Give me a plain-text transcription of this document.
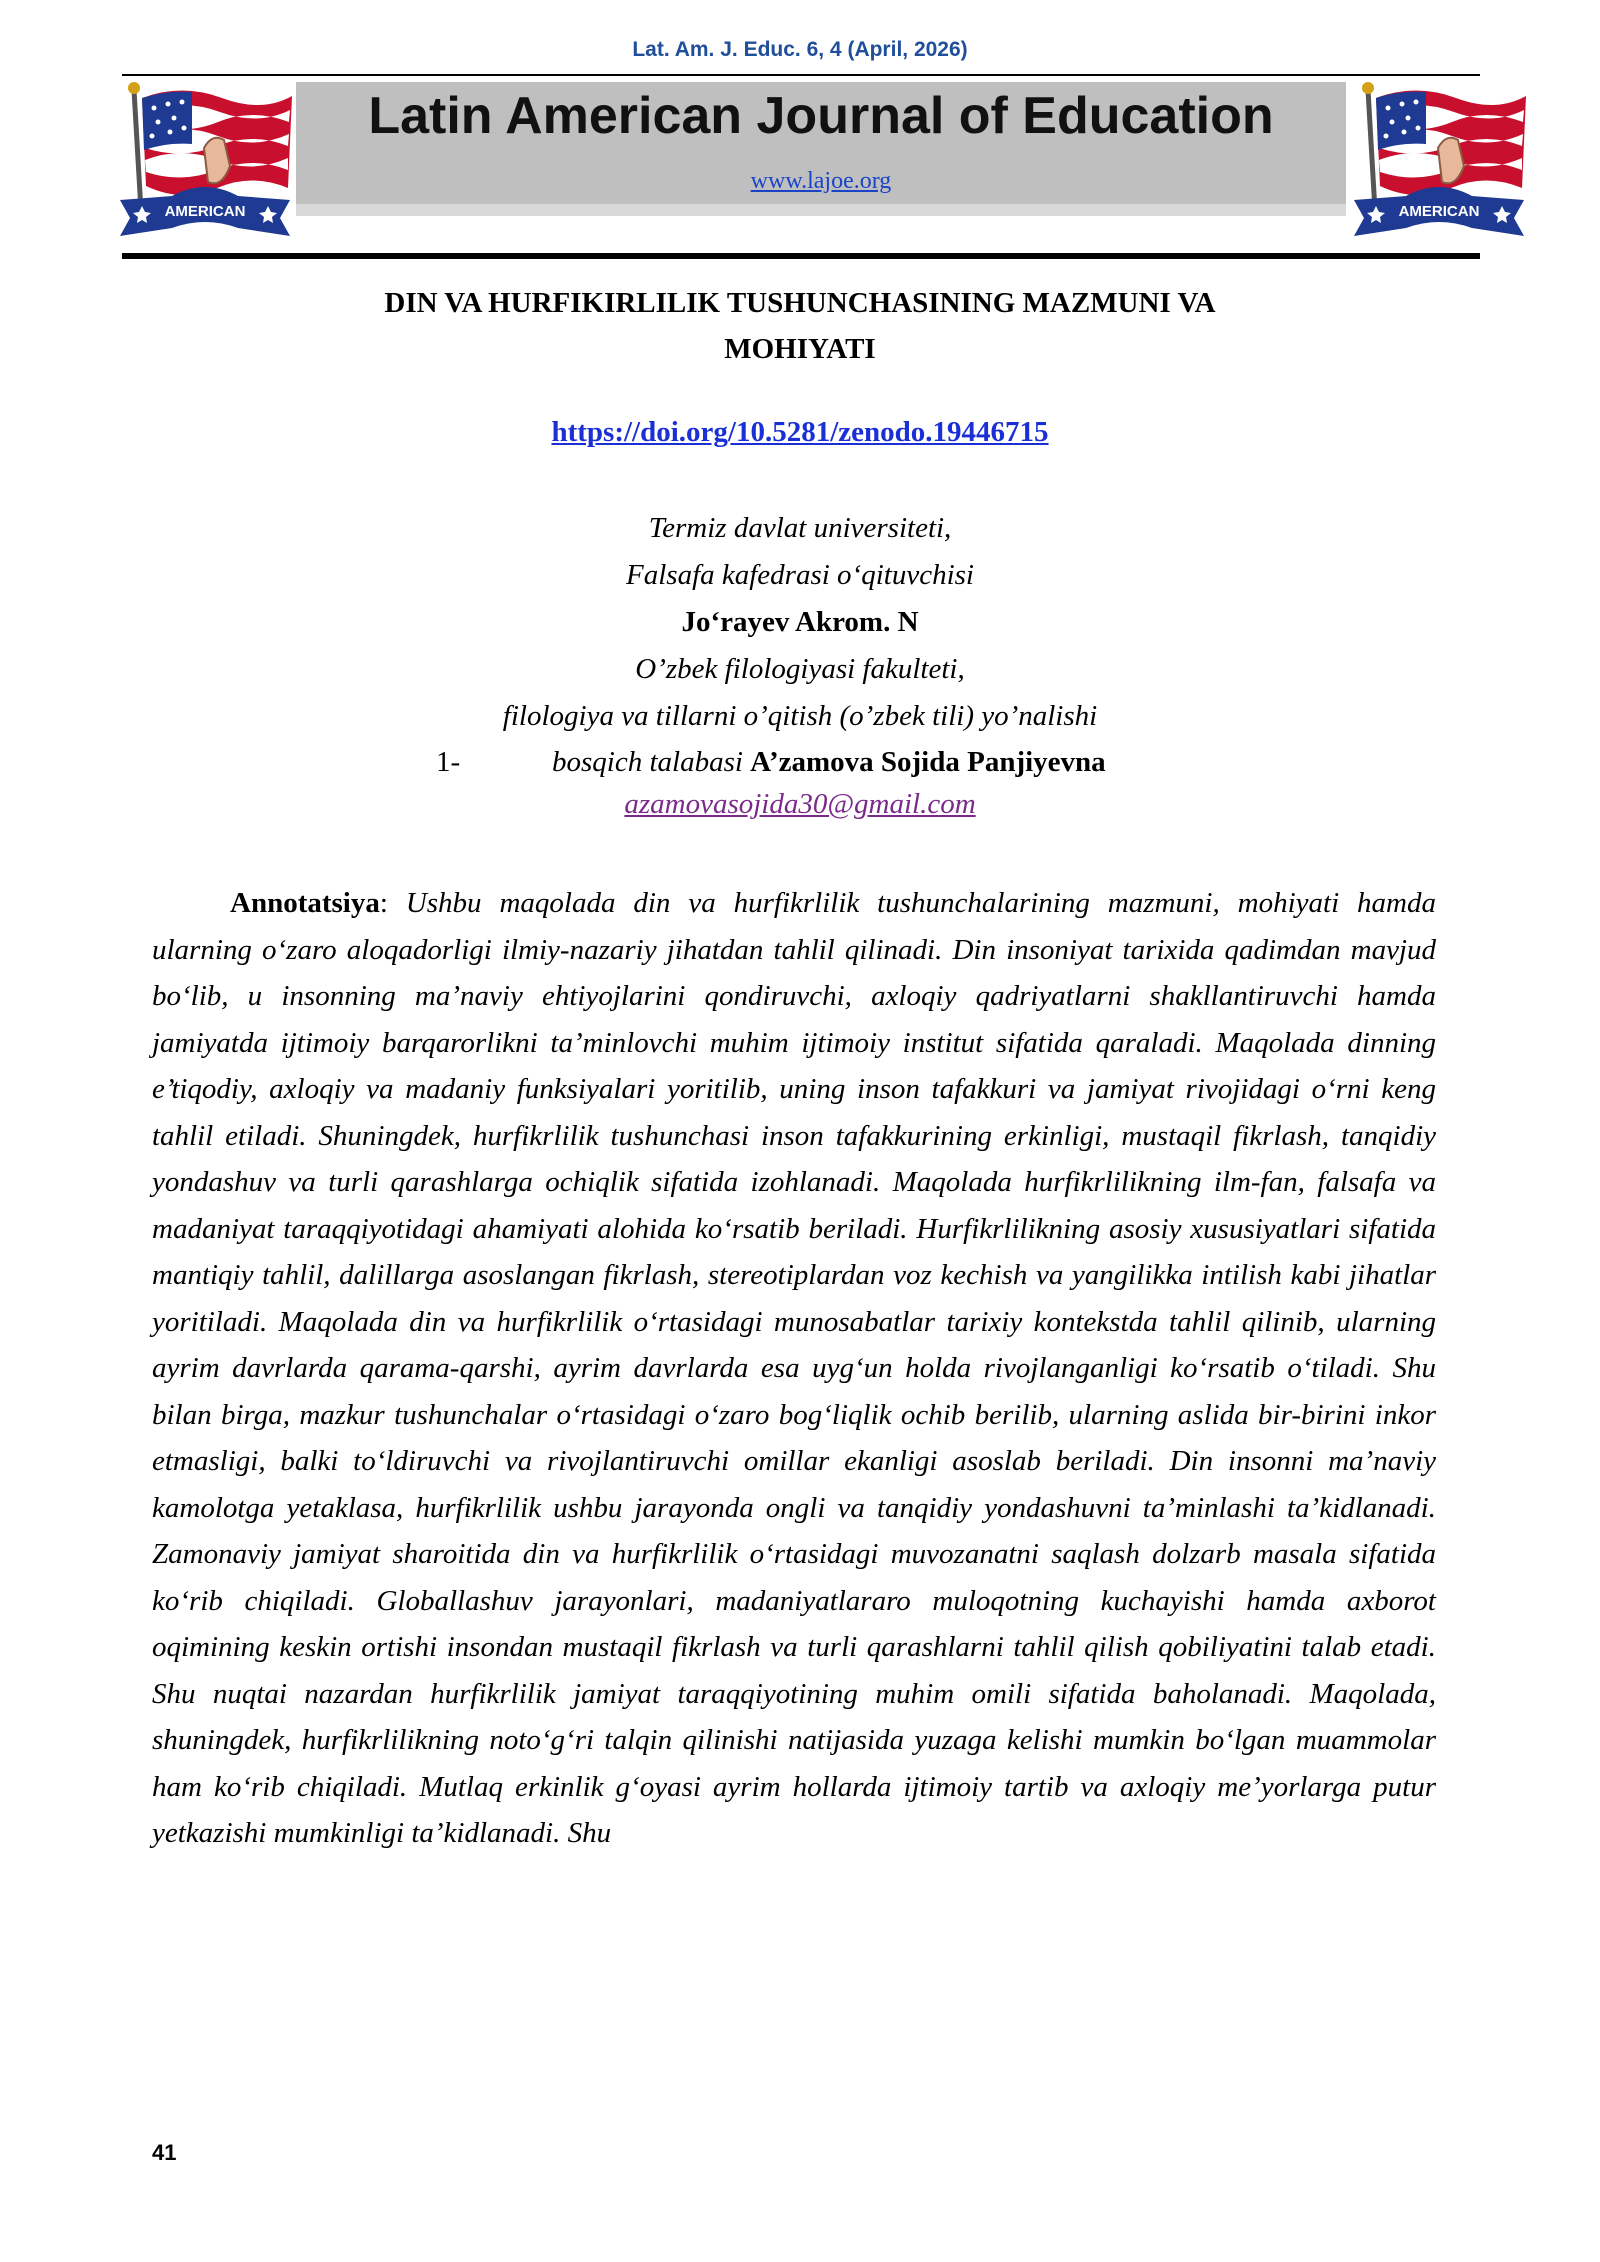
Lat. Am. J. Educ. 6, 4 (April, 2026)
Latin American Journal of Education
www.lajoe.org
AMERICAN	AMERICAN
DIN VA HURFIKIRLILIK TUSHUNCHASINING MAZMUNI VA
MOHIYATI
https://doi.org/10.5281/zenodo.19446715
Termiz davlat universiteti,
Falsafa kafedrasi o‘qituvchisi
Jo‘rayev Akrom. N
O’zbek filologiyasi fakulteti,
filologiya va tillarni o’qitish (o’zbek tili) yo’nalishi
1-	bosqich talabasi A’zamova Sojida Panjiyevna
azamovasojida30@gmail.com
Annotatsiya: Ushbu maqolada din va hurfikrlilik tushunchalarining mazmuni, mohiyati hamda ularning o‘zaro aloqadorligi ilmiy-nazariy jihatdan tahlil qilinadi. Din insoniyat tarixida qadimdan mavjud bo‘lib, u insonning ma’naviy ehtiyojlarini qondiruvchi, axloqiy qadriyatlarni shakllantiruvchi hamda jamiyatda ijtimoiy barqarorlikni ta’minlovchi muhim ijtimoiy institut sifatida qaraladi. Maqolada dinning e’tiqodiy, axloqiy va madaniy funksiyalari yoritilib, uning inson tafakkuri va jamiyat rivojidagi o‘rni keng tahlil etiladi. Shuningdek, hurfikrlilik tushunchasi inson tafakkurining erkinligi, mustaqil fikrlash, tanqidiy yondashuv va turli qarashlarga ochiqlik sifatida izohlanadi. Maqolada hurfikrlilikning ilm-fan, falsafa va madaniyat taraqqiyotidagi ahamiyati alohida ko‘rsatib beriladi. Hurfikrlilikning asosiy xususiyatlari sifatida mantiqiy tahlil, dalillarga asoslangan fikrlash, stereotiplardan voz kechish va yangilikka intilish kabi jihatlar yoritiladi. Maqolada din va hurfikrlilik o‘rtasidagi munosabatlar tarixiy kontekstda tahlil qilinib, ularning ayrim davrlarda qarama-qarshi, ayrim davrlarda esa uyg‘un holda rivojlanganligi ko‘rsatib o‘tiladi. Shu bilan birga, mazkur tushunchalar o‘rtasidagi o‘zaro bog‘liqlik ochib berilib, ularning aslida bir-birini inkor etmasligi, balki to‘ldiruvchi va rivojlantiruvchi omillar ekanligi asoslab beriladi. Din insonni ma’naviy kamolotga yetaklasa, hurfikrlilik ushbu jarayonda ongli va tanqidiy yondashuvni ta’minlashi ta’kidlanadi. Zamonaviy jamiyat sharoitida din va hurfikrlilik o‘rtasidagi muvozanatni saqlash dolzarb masala sifatida ko‘rib chiqiladi. Globallashuv jarayonlari, madaniyatlararo muloqotning kuchayishi hamda axborot oqimining keskin ortishi insondan mustaqil fikrlash va turli qarashlarni tahlil qilish qobiliyatini talab etadi. Shu nuqtai nazardan hurfikrlilik jamiyat taraqqiyotining muhim omili sifatida baholanadi. Maqolada, shuningdek, hurfikrlilikning noto‘g‘ri talqin qilinishi natijasida yuzaga kelishi mumkin bo‘lgan muammolar ham ko‘rib chiqiladi. Mutlaq erkinlik g‘oyasi ayrim hollarda ijtimoiy tartib va axloqiy me’yorlarga putur yetkazishi mumkinligi ta’kidlanadi. Shu
41
